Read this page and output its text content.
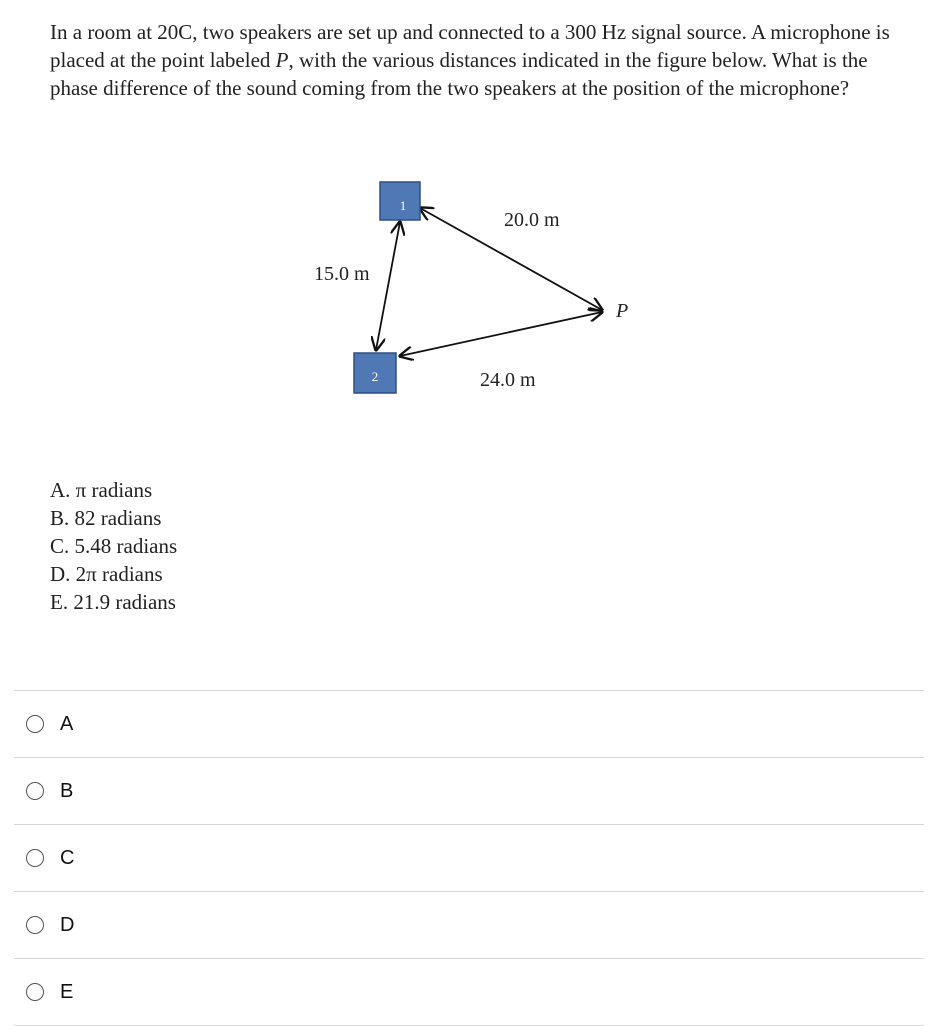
In a room at 20C, two speakers are set up and connected to a 300 Hz signal source. A microphone is placed at the point labeled P, with the various distances indicated in the figure below. What is the phase difference of the sound coming from the two speakers at the position of the microphone?

1
2
20.0 m
15.0 m
24.0 m
P
A. π radians
B. 82 radians
C. 5.48 radians
D. 2π radians
E. 21.9 radians
A
B
C
D
E
